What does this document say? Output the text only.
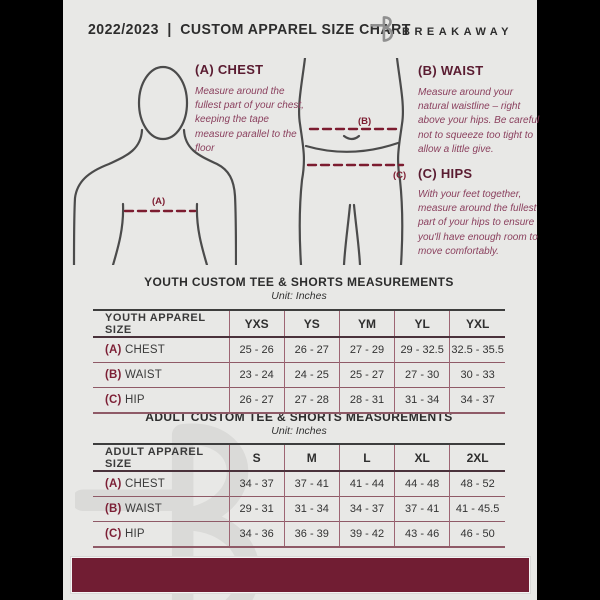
2022/2023 | CUSTOM APPAREL SIZE CHART
BREAKAWAY
(A)
(B)
(C)
(A) CHEST
Measure around the fullest part of your chest, keeping the tape measure parallel to the floor
(B) WAIST
Measure around your natural waistline – right above your hips. Be careful not to squeeze too tight to allow a little give.
(C) HIPS
With your feet together, measure around the fullest part of your hips to ensure you'll have enough room to move comfortably.
YOUTH CUSTOM TEE & SHORTS MEASUREMENTS
Unit: Inches
YOUTH APPAREL SIZE	YXS	YS	YM	YL	YXL
(A) CHEST	25 - 26	26 - 27	27 - 29	29 - 32.5	32.5 - 35.5
(B) WAIST	23 - 24	24 - 25	25 - 27	27 - 30	30 - 33
(C) HIP	26 - 27	27 - 28	28 - 31	31 - 34	34 - 37
ADULT CUSTOM TEE & SHORTS MEASUREMENTS
Unit: Inches
ADULT APPAREL SIZE	S	M	L	XL	2XL
(A) CHEST	34 - 37	37 - 41	41 - 44	44 - 48	48 - 52
(B) WAIST	29 - 31	31 - 34	34 - 37	37 - 41	41 - 45.5
(C) HIP	34 - 36	36 - 39	39 - 42	43 - 46	46 - 50
